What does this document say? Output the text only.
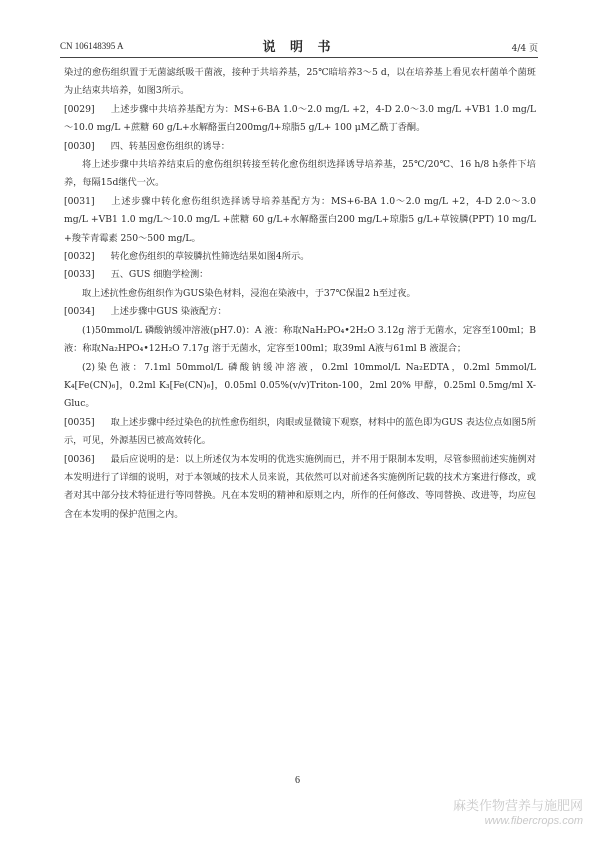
CN 106148395 A	说 明 书	4/4 页

染过的愈伤组织置于无菌滤纸吸干菌液，接种于共培养基，25℃暗培养3～5 d，以在培养基上看见农杆菌单个菌斑为止结束共培养，如图3所示。

[0029] 上述步骤中共培养基配方为：MS+6-BA 1.0～2.0 mg/L +2，4-D 2.0～3.0 mg/L +VB1 1.0 mg/L～10.0 mg/L +蔗糖 60 g/L+水解酪蛋白200mg/l+琼脂5 g/L+ 100 μM乙酰丁香酮。

[0030] 四、转基因愈伤组织的诱导：

将上述步骤中共培养结束后的愈伤组织转接至转化愈伤组织选择诱导培养基，25℃/20℃、16 h/8 h条件下培养，每隔15d继代一次。

[0031] 上述步骤中转化愈伤组织选择诱导培养基配方为：MS+6-BA 1.0～2.0 mg/L +2，4-D 2.0～3.0 mg/L +VB1 1.0 mg/L～10.0 mg/L +蔗糖 60 g/L+水解酪蛋白200 mg/L+琼脂5 g/L+草铵膦(PPT) 10 mg/L +羧苄青霉素 250～500 mg/L。

[0032] 转化愈伤组织的草铵膦抗性筛选结果如图4所示。

[0033] 五、GUS 细胞学检测：

取上述抗性愈伤组织作为GUS染色材料，浸泡在染液中，于37℃保温2 h至过夜。

[0034] 上述步骤中GUS 染液配方：

(1)50mmol/L 磷酸钠缓冲溶液(pH7.0)：A 液：称取NaH₂PO₄•2H₂O 3.12g 溶于无菌水，定容至100ml；B 液：称取Na₂HPO₄•12H₂O 7.17g 溶于无菌水，定容至100ml；取39ml A液与61ml B 液混合；

(2)染色液：7.1ml 50mmol/L 磷酸钠缓冲溶液，0.2ml 10mmol/L Na₂EDTA，0.2ml 5mmol/L K₄[Fe(CN)₆]，0.2ml K₃[Fe(CN)₆]，0.05ml 0.05%(v/v)Triton-100，2ml 20% 甲醇，0.25ml 0.5mg/ml X-Gluc。

[0035] 取上述步骤中经过染色的抗性愈伤组织，肉眼或显微镜下观察，材料中的蓝色即为GUS 表达位点如图5所示，可见，外源基因已被高效转化。

[0036] 最后应说明的是：以上所述仅为本发明的优选实施例而已，并不用于限制本发明，尽管参照前述实施例对本发明进行了详细的说明，对于本领域的技术人员来说，其依然可以对前述各实施例所记载的技术方案进行修改，或者对其中部分技术特征进行等同替换。凡在本发明的精神和原则之内，所作的任何修改、等同替换、改进等，均应包含在本发明的保护范围之内。

6
麻类作物营养与施肥网
www.fibercrops.com
